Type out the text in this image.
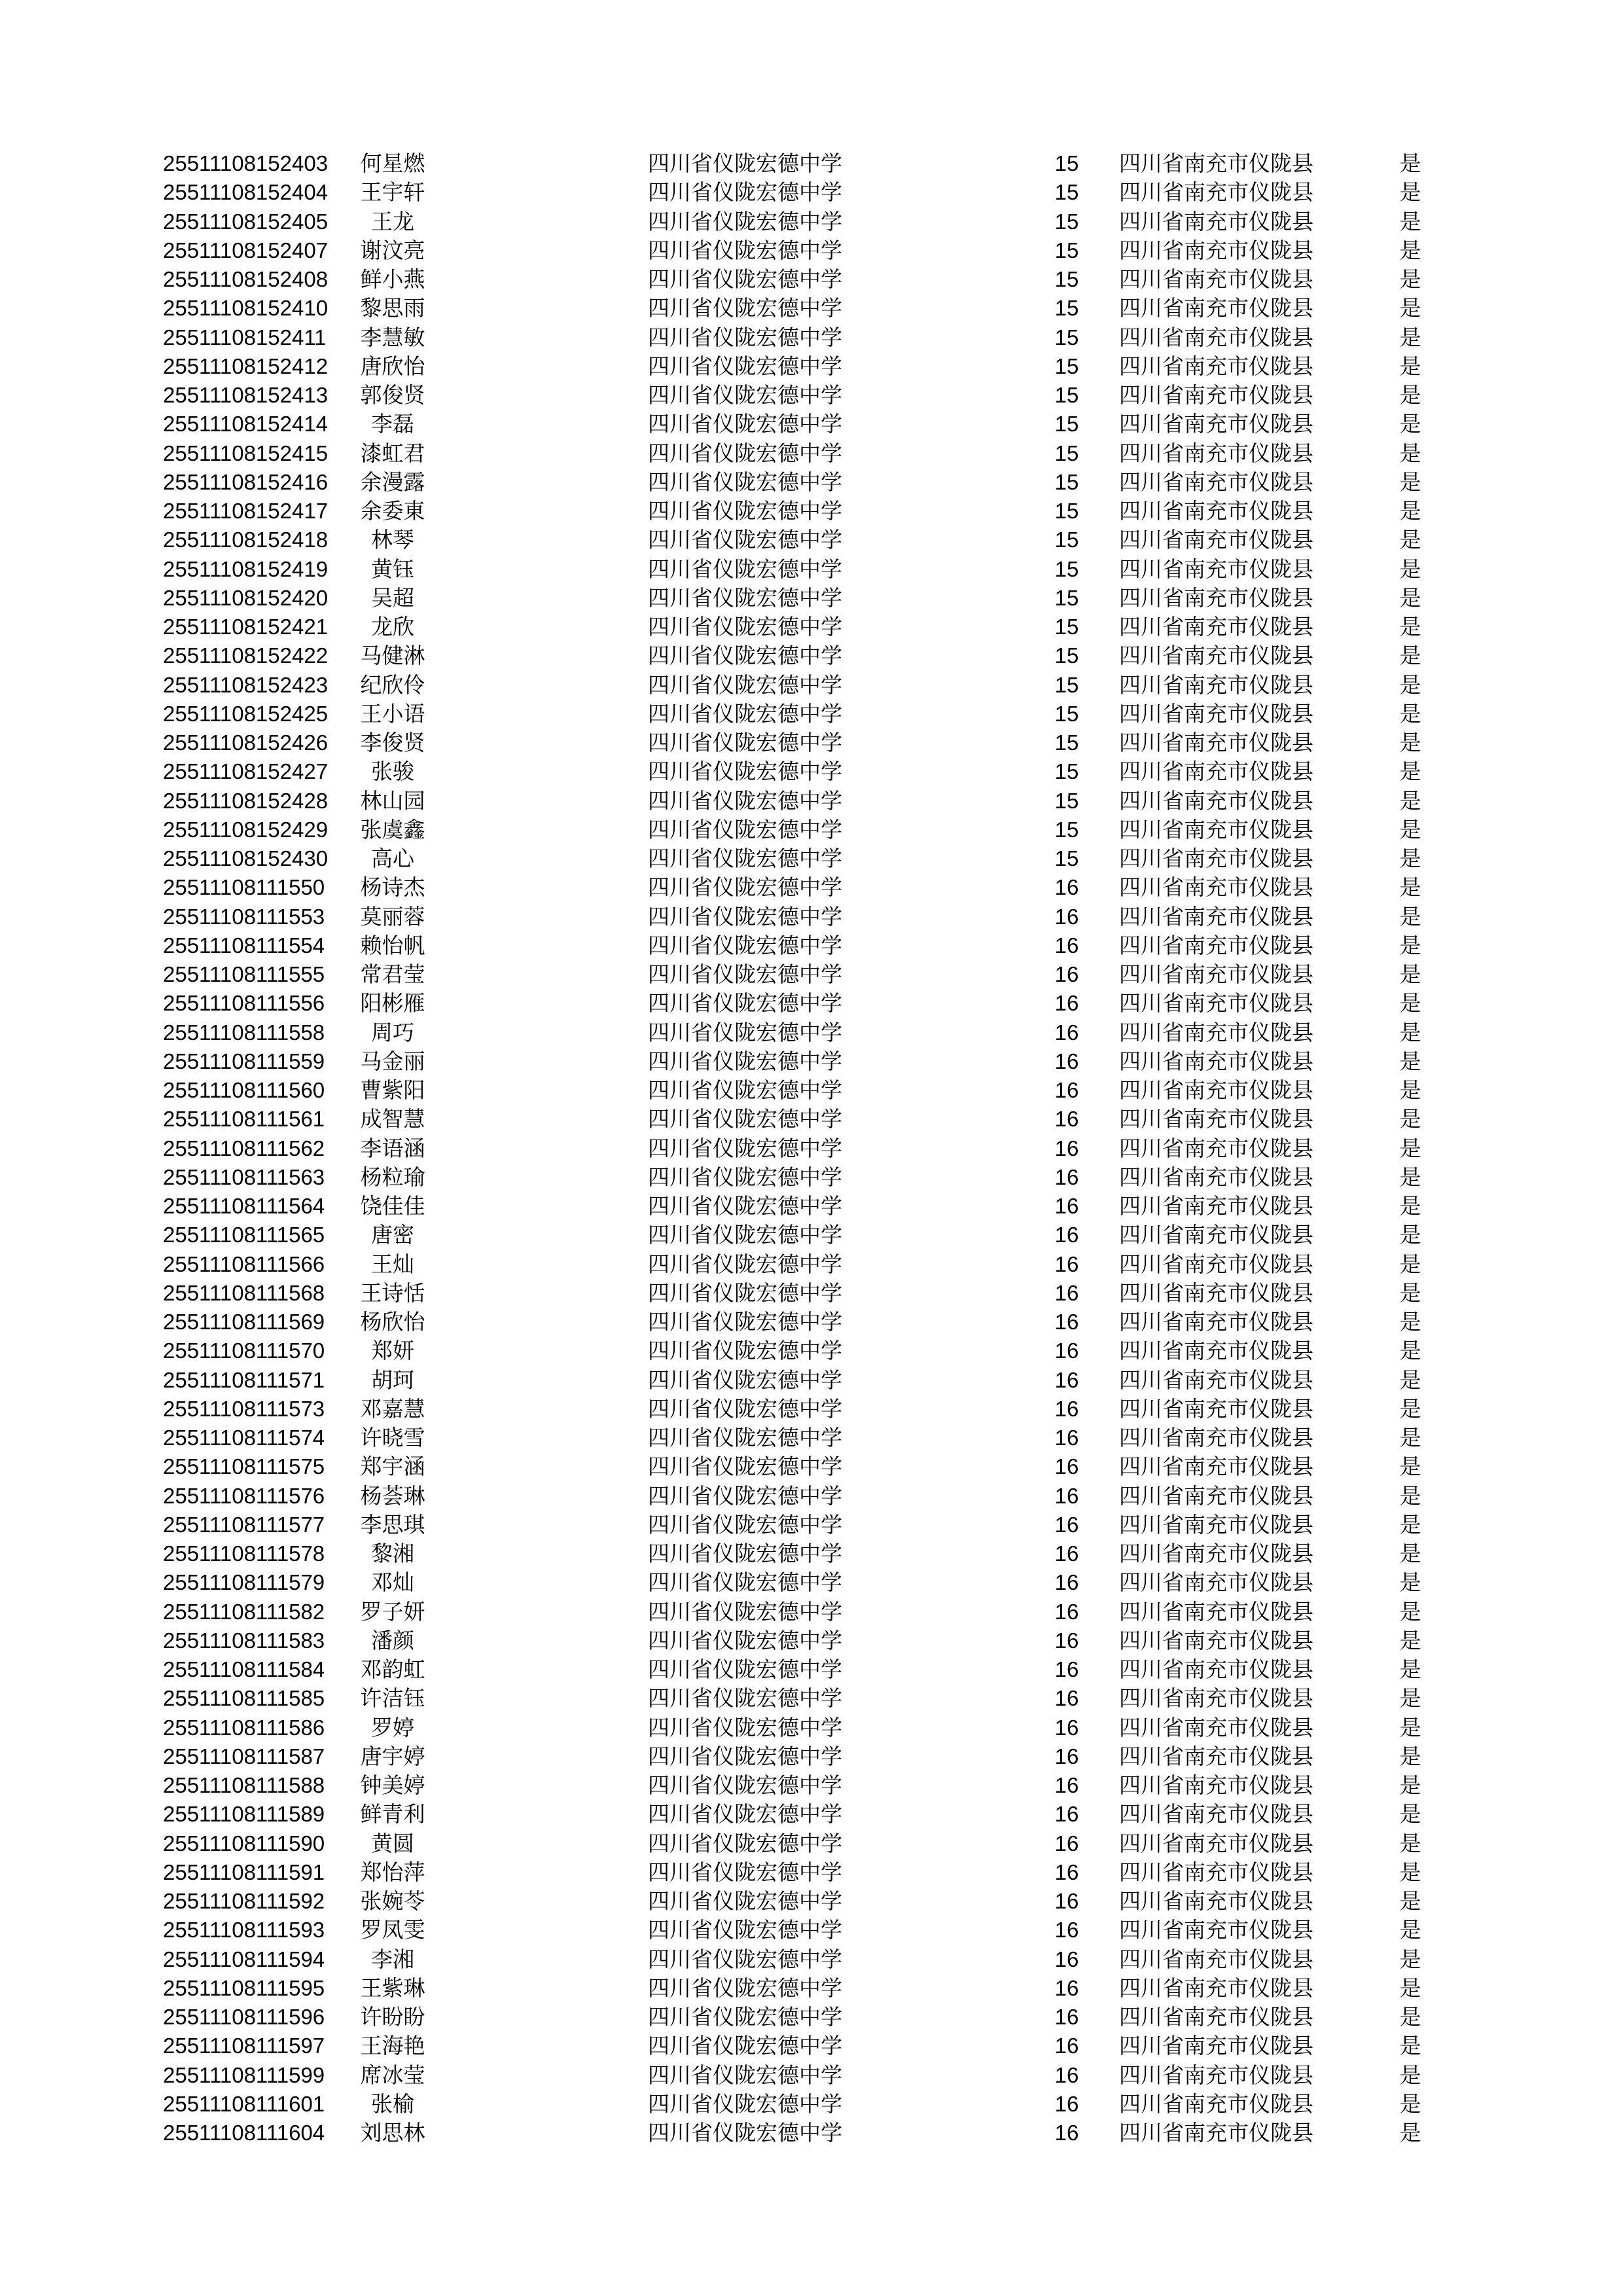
25511108152403	何星燃	四川省仪陇宏德中学	15	四川省南充市仪陇县	是
25511108152404	王宇轩	四川省仪陇宏德中学	15	四川省南充市仪陇县	是
25511108152405	王龙	四川省仪陇宏德中学	15	四川省南充市仪陇县	是
25511108152407	谢汶亮	四川省仪陇宏德中学	15	四川省南充市仪陇县	是
25511108152408	鲜小燕	四川省仪陇宏德中学	15	四川省南充市仪陇县	是
25511108152410	黎思雨	四川省仪陇宏德中学	15	四川省南充市仪陇县	是
25511108152411	李慧敏	四川省仪陇宏德中学	15	四川省南充市仪陇县	是
25511108152412	唐欣怡	四川省仪陇宏德中学	15	四川省南充市仪陇县	是
25511108152413	郭俊贤	四川省仪陇宏德中学	15	四川省南充市仪陇县	是
25511108152414	李磊	四川省仪陇宏德中学	15	四川省南充市仪陇县	是
25511108152415	漆虹君	四川省仪陇宏德中学	15	四川省南充市仪陇县	是
25511108152416	余漫露	四川省仪陇宏德中学	15	四川省南充市仪陇县	是
25511108152417	余委東	四川省仪陇宏德中学	15	四川省南充市仪陇县	是
25511108152418	林琴	四川省仪陇宏德中学	15	四川省南充市仪陇县	是
25511108152419	黄钰	四川省仪陇宏德中学	15	四川省南充市仪陇县	是
25511108152420	吴超	四川省仪陇宏德中学	15	四川省南充市仪陇县	是
25511108152421	龙欣	四川省仪陇宏德中学	15	四川省南充市仪陇县	是
25511108152422	马健淋	四川省仪陇宏德中学	15	四川省南充市仪陇县	是
25511108152423	纪欣伶	四川省仪陇宏德中学	15	四川省南充市仪陇县	是
25511108152425	王小语	四川省仪陇宏德中学	15	四川省南充市仪陇县	是
25511108152426	李俊贤	四川省仪陇宏德中学	15	四川省南充市仪陇县	是
25511108152427	张骏	四川省仪陇宏德中学	15	四川省南充市仪陇县	是
25511108152428	林山园	四川省仪陇宏德中学	15	四川省南充市仪陇县	是
25511108152429	张虞鑫	四川省仪陇宏德中学	15	四川省南充市仪陇县	是
25511108152430	高心	四川省仪陇宏德中学	15	四川省南充市仪陇县	是
25511108111550	杨诗杰	四川省仪陇宏德中学	16	四川省南充市仪陇县	是
25511108111553	莫丽蓉	四川省仪陇宏德中学	16	四川省南充市仪陇县	是
25511108111554	赖怡帆	四川省仪陇宏德中学	16	四川省南充市仪陇县	是
25511108111555	常君莹	四川省仪陇宏德中学	16	四川省南充市仪陇县	是
25511108111556	阳彬雁	四川省仪陇宏德中学	16	四川省南充市仪陇县	是
25511108111558	周巧	四川省仪陇宏德中学	16	四川省南充市仪陇县	是
25511108111559	马金丽	四川省仪陇宏德中学	16	四川省南充市仪陇县	是
25511108111560	曹紫阳	四川省仪陇宏德中学	16	四川省南充市仪陇县	是
25511108111561	成智慧	四川省仪陇宏德中学	16	四川省南充市仪陇县	是
25511108111562	李语涵	四川省仪陇宏德中学	16	四川省南充市仪陇县	是
25511108111563	杨粒瑜	四川省仪陇宏德中学	16	四川省南充市仪陇县	是
25511108111564	饶佳佳	四川省仪陇宏德中学	16	四川省南充市仪陇县	是
25511108111565	唐密	四川省仪陇宏德中学	16	四川省南充市仪陇县	是
25511108111566	王灿	四川省仪陇宏德中学	16	四川省南充市仪陇县	是
25511108111568	王诗恬	四川省仪陇宏德中学	16	四川省南充市仪陇县	是
25511108111569	杨欣怡	四川省仪陇宏德中学	16	四川省南充市仪陇县	是
25511108111570	郑妍	四川省仪陇宏德中学	16	四川省南充市仪陇县	是
25511108111571	胡珂	四川省仪陇宏德中学	16	四川省南充市仪陇县	是
25511108111573	邓嘉慧	四川省仪陇宏德中学	16	四川省南充市仪陇县	是
25511108111574	许晓雪	四川省仪陇宏德中学	16	四川省南充市仪陇县	是
25511108111575	郑宇涵	四川省仪陇宏德中学	16	四川省南充市仪陇县	是
25511108111576	杨荟琳	四川省仪陇宏德中学	16	四川省南充市仪陇县	是
25511108111577	李思琪	四川省仪陇宏德中学	16	四川省南充市仪陇县	是
25511108111578	黎湘	四川省仪陇宏德中学	16	四川省南充市仪陇县	是
25511108111579	邓灿	四川省仪陇宏德中学	16	四川省南充市仪陇县	是
25511108111582	罗子妍	四川省仪陇宏德中学	16	四川省南充市仪陇县	是
25511108111583	潘颜	四川省仪陇宏德中学	16	四川省南充市仪陇县	是
25511108111584	邓韵虹	四川省仪陇宏德中学	16	四川省南充市仪陇县	是
25511108111585	许洁钰	四川省仪陇宏德中学	16	四川省南充市仪陇县	是
25511108111586	罗婷	四川省仪陇宏德中学	16	四川省南充市仪陇县	是
25511108111587	唐宇婷	四川省仪陇宏德中学	16	四川省南充市仪陇县	是
25511108111588	钟美婷	四川省仪陇宏德中学	16	四川省南充市仪陇县	是
25511108111589	鲜青利	四川省仪陇宏德中学	16	四川省南充市仪陇县	是
25511108111590	黄圆	四川省仪陇宏德中学	16	四川省南充市仪陇县	是
25511108111591	郑怡萍	四川省仪陇宏德中学	16	四川省南充市仪陇县	是
25511108111592	张婉苓	四川省仪陇宏德中学	16	四川省南充市仪陇县	是
25511108111593	罗凤雯	四川省仪陇宏德中学	16	四川省南充市仪陇县	是
25511108111594	李湘	四川省仪陇宏德中学	16	四川省南充市仪陇县	是
25511108111595	王紫琳	四川省仪陇宏德中学	16	四川省南充市仪陇县	是
25511108111596	许盼盼	四川省仪陇宏德中学	16	四川省南充市仪陇县	是
25511108111597	王海艳	四川省仪陇宏德中学	16	四川省南充市仪陇县	是
25511108111599	席冰莹	四川省仪陇宏德中学	16	四川省南充市仪陇县	是
25511108111601	张榆	四川省仪陇宏德中学	16	四川省南充市仪陇县	是
25511108111604	刘思林	四川省仪陇宏德中学	16	四川省南充市仪陇县	是
